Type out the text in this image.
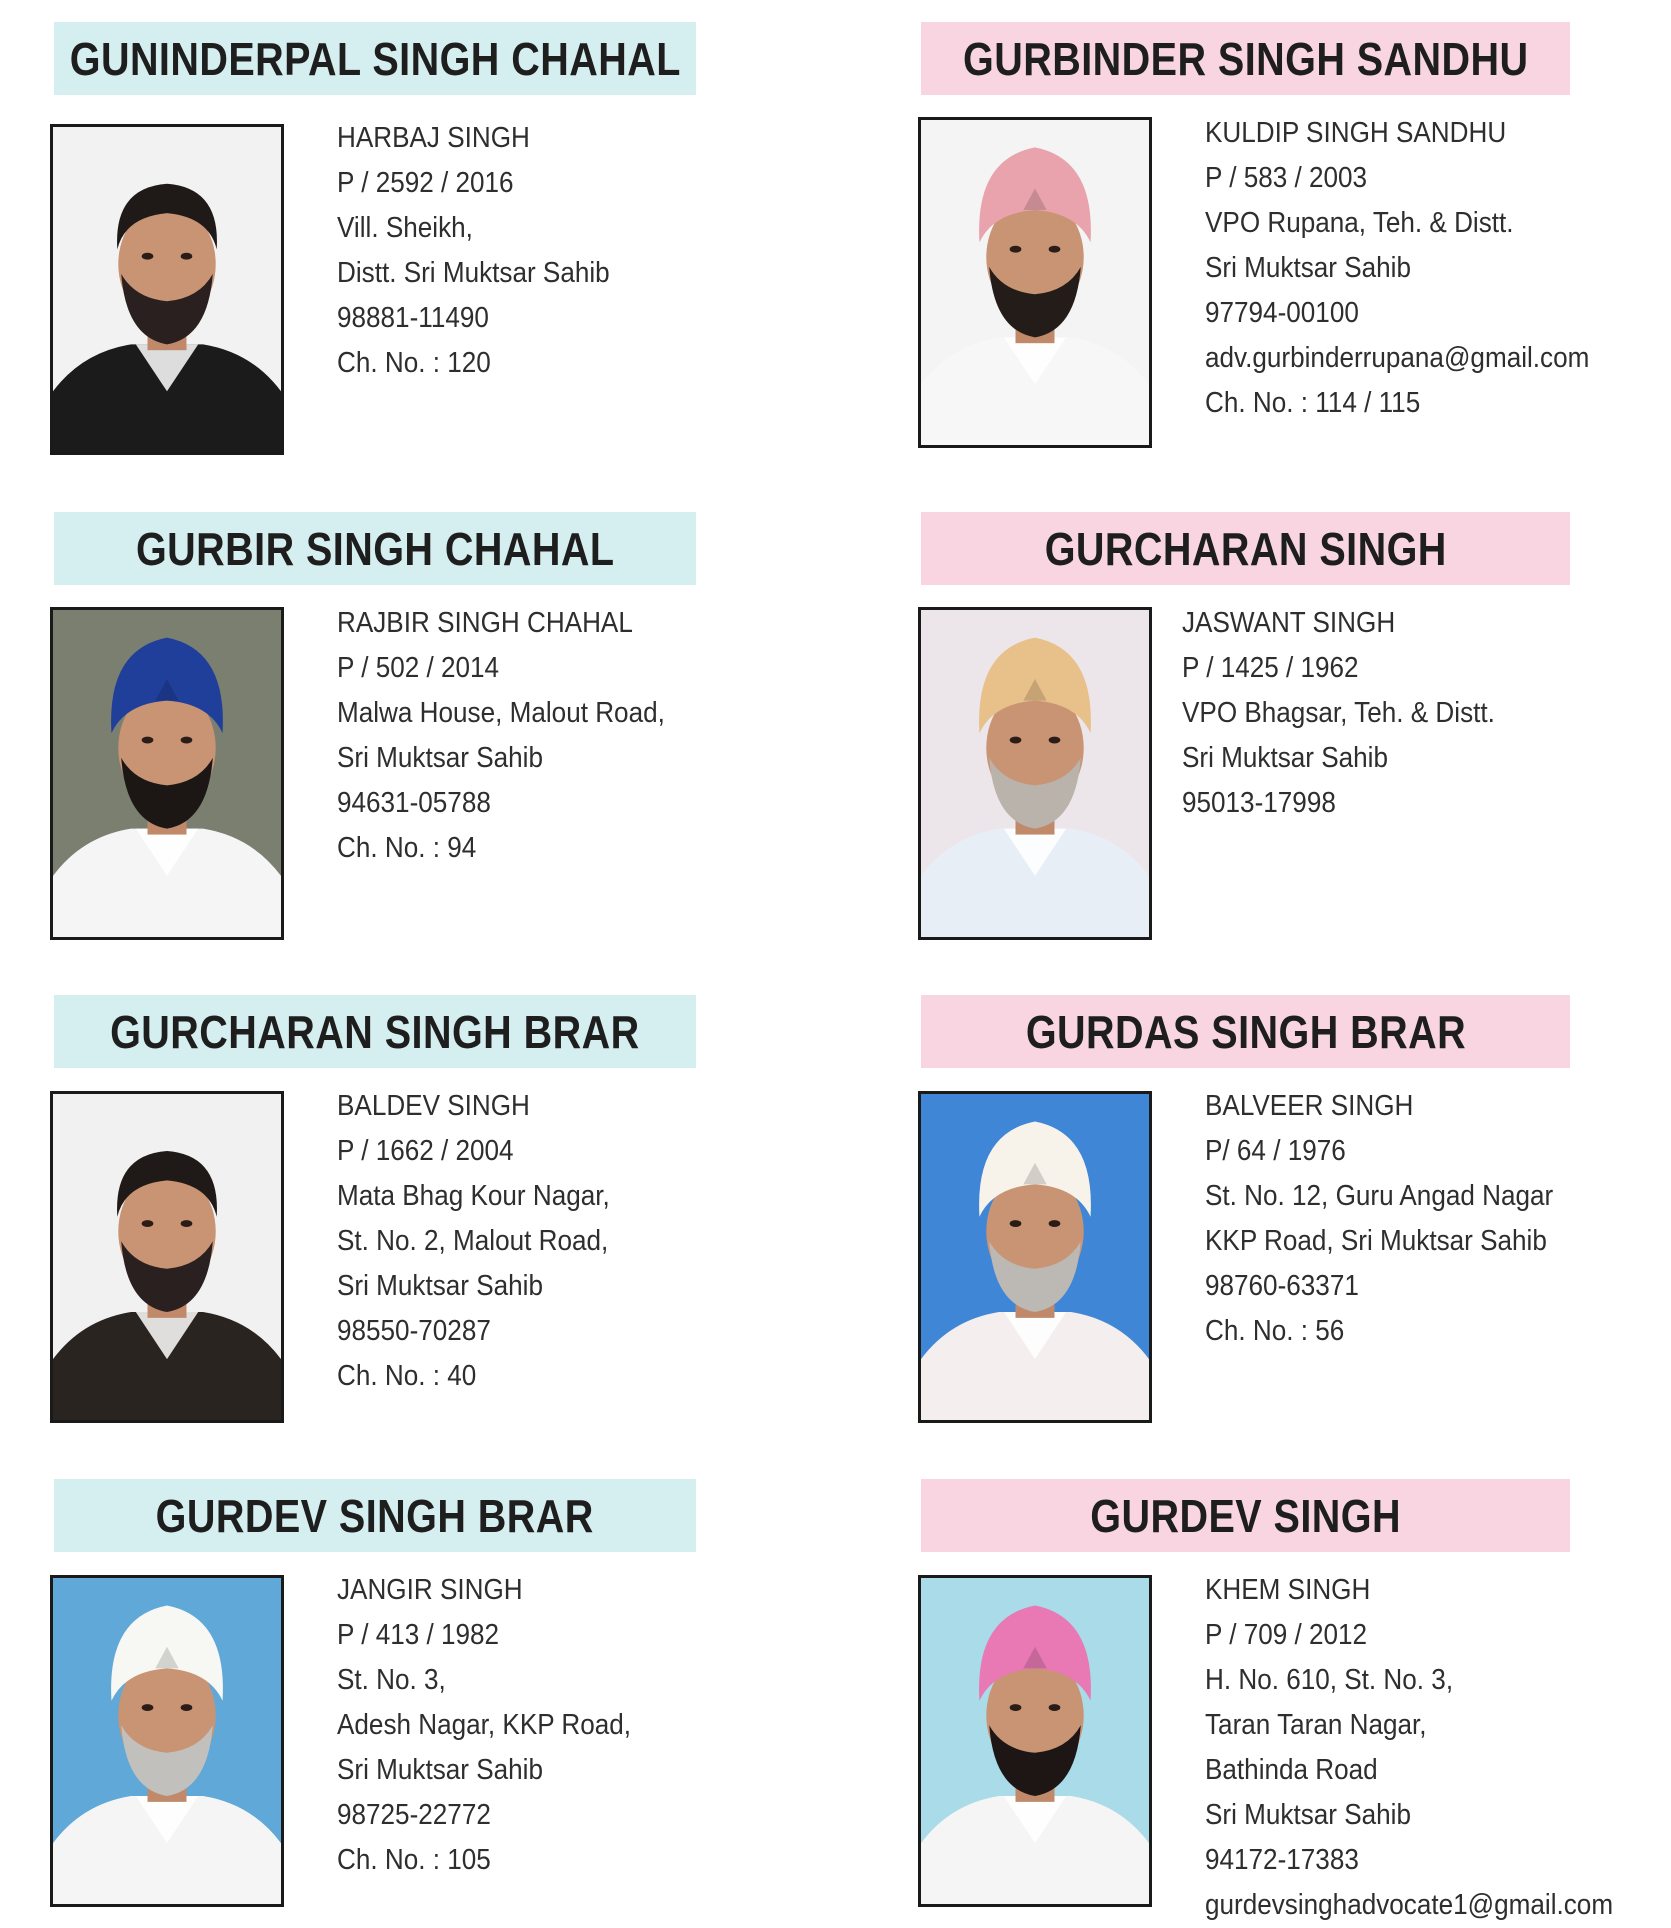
GUNINDERPAL SINGH CHAHAL
HARBAJ SINGH
P / 2592 / 2016
Vill. Sheikh,
Distt. Sri Muktsar Sahib
98881-11490
Ch. No. : 120
GURBINDER SINGH SANDHU
KULDIP SINGH SANDHU
P / 583 / 2003
VPO Rupana, Teh. & Distt.
Sri Muktsar Sahib
97794-00100
adv.gurbinderrupana@gmail.com
Ch. No. : 114 / 115
GURBIR SINGH CHAHAL
RAJBIR SINGH CHAHAL
P / 502 / 2014
Malwa House, Malout Road,
Sri Muktsar Sahib
94631-05788
Ch. No. : 94
GURCHARAN SINGH
JASWANT SINGH
P / 1425 / 1962
VPO Bhagsar, Teh. & Distt.
Sri Muktsar Sahib
95013-17998
GURCHARAN SINGH BRAR
BALDEV SINGH
P / 1662 / 2004
Mata Bhag Kour Nagar,
St. No. 2, Malout Road,
Sri Muktsar Sahib
98550-70287
Ch. No. : 40
GURDAS SINGH BRAR
BALVEER SINGH
P/ 64 / 1976
St. No. 12, Guru Angad Nagar
KKP Road, Sri Muktsar Sahib
98760-63371
Ch. No. : 56
GURDEV SINGH BRAR
JANGIR SINGH
P / 413 / 1982
St. No. 3,
Adesh Nagar, KKP Road,
Sri Muktsar Sahib
98725-22772
Ch. No. : 105
GURDEV SINGH
KHEM SINGH
P / 709 / 2012
H. No. 610, St. No. 3,
Taran Taran Nagar,
Bathinda Road
Sri Muktsar Sahib
94172-17383
gurdevsinghadvocate1@gmail.com
